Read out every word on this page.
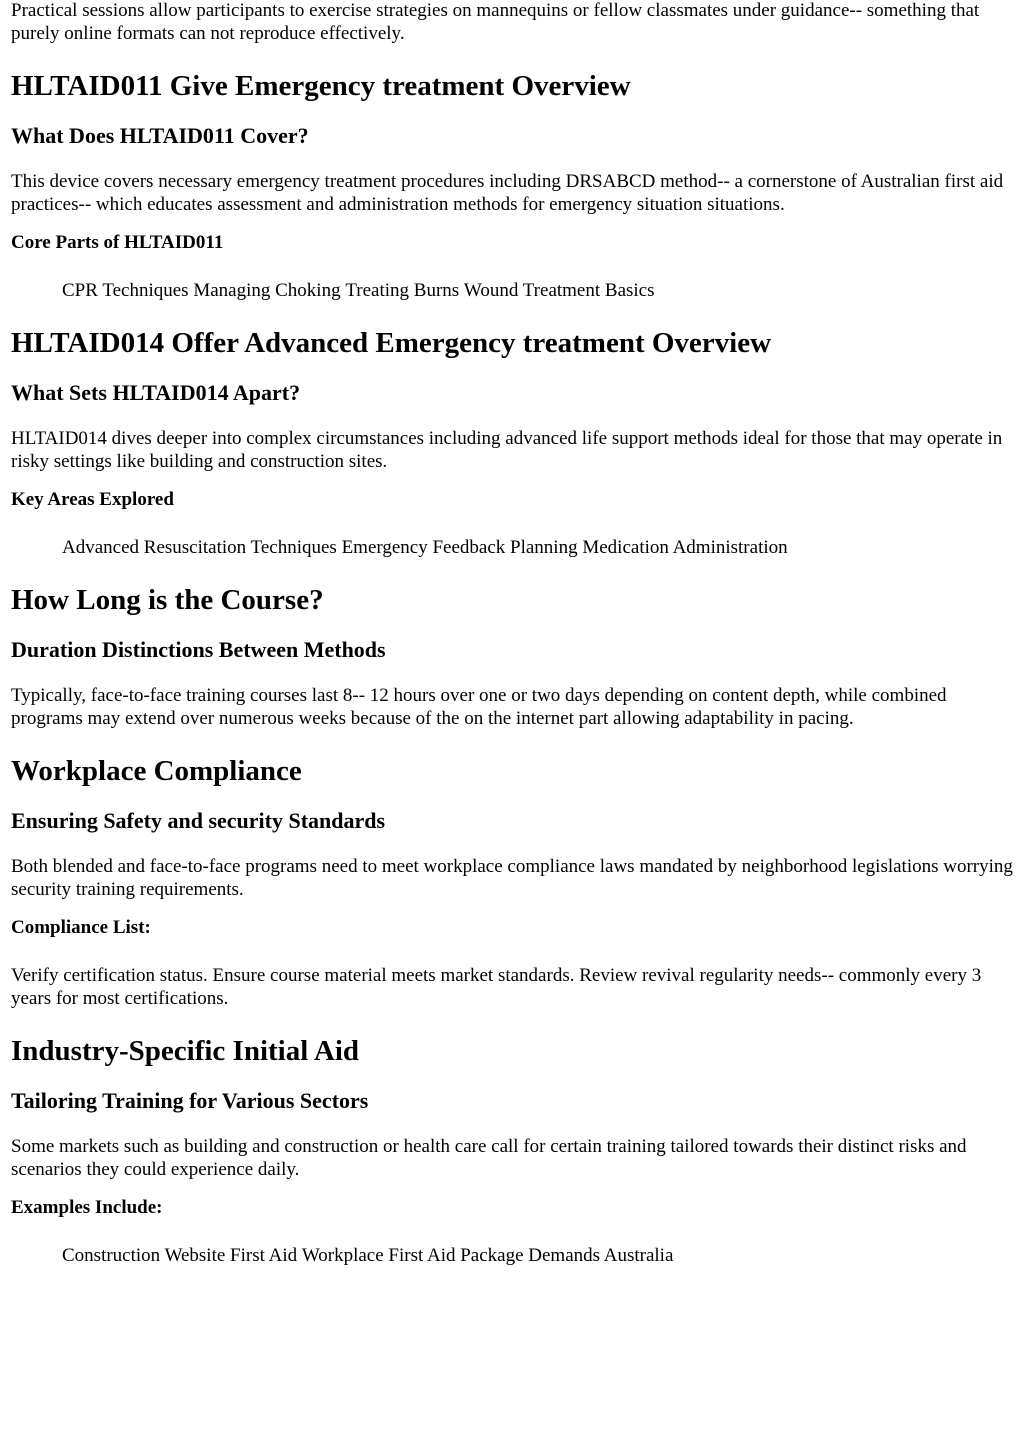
Practical sessions allow participants to exercise strategies on mannequins or fellow classmates under guidance-- something that purely online formats can not reproduce effectively.

HLTAID011 Give Emergency treatment Overview
What Does HLTAID011 Cover?

This device covers necessary emergency treatment procedures including DRSABCD method-- a cornerstone of Australian first aid practices-- which educates assessment and administration methods for emergency situation situations.

Core Parts of HLTAID011
CPR Techniques Managing Choking Treating Burns Wound Treatment Basics
HLTAID014 Offer Advanced Emergency treatment Overview
What Sets HLTAID014 Apart?

HLTAID014 dives deeper into complex circumstances including advanced life support methods ideal for those that may operate in risky settings like building and construction sites.

Key Areas Explored
Advanced Resuscitation Techniques Emergency Feedback Planning Medication Administration
How Long is the Course?
Duration Distinctions Between Methods

Typically, face-to-face training courses last 8-- 12 hours over one or two days depending on content depth, while combined programs may extend over numerous weeks because of the on the internet part allowing adaptability in pacing.

Workplace Compliance
Ensuring Safety and security Standards

Both blended and face-to-face programs need to meet workplace compliance laws mandated by neighborhood legislations worrying security training requirements.

Compliance List:

Verify certification status. Ensure course material meets market standards. Review revival regularity needs-- commonly every 3 years for most certifications.

Industry-Specific Initial Aid
Tailoring Training for Various Sectors

Some markets such as building and construction or health care call for certain training tailored towards their distinct risks and scenarios they could experience daily.

Examples Include:
Construction Website First Aid Workplace First Aid Package Demands Australia
